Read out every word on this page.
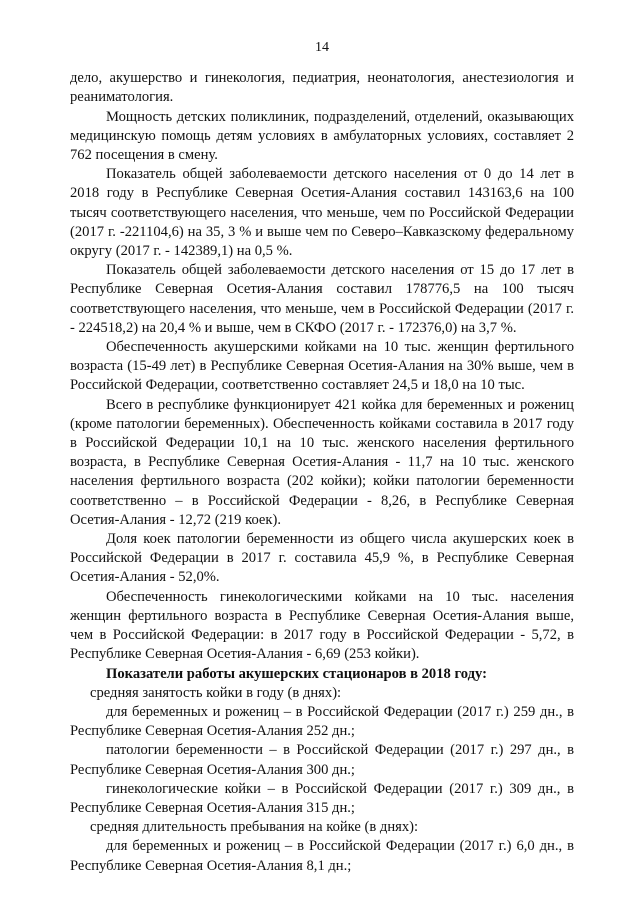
14

дело, акушерство и гинекология, педиатрия, неонатология, анестезиология и реаниматология.

Мощность детских поликлиник, подразделений, отделений, оказывающих медицинскую помощь детям условиях в амбулаторных условиях, составляет 2 762 посещения в смену.

Показатель общей заболеваемости детского населения от 0 до 14 лет в 2018 году в Республике Северная Осетия-Алания составил 143163,6 на 100 тысяч соответствующего населения, что меньше, чем по Российской Федерации (2017 г. -221104,6) на 35, 3 % и выше чем по Северо–Кавказскому федеральному округу (2017 г. - 142389,1) на 0,5 %.

Показатель общей заболеваемости детского населения от 15 до 17 лет в Республике Северная Осетия-Алания составил 178776,5 на 100 тысяч соответствующего населения, что меньше, чем в Российской Федерации (2017 г. - 224518,2) на 20,4 % и выше, чем в СКФО (2017 г. - 172376,0) на 3,7 %.

Обеспеченность акушерскими койками на 10 тыс. женщин фертильного возраста (15-49 лет) в Республике Северная Осетия-Алания на 30% выше, чем в Российской Федерации, соответственно составляет 24,5 и 18,0 на 10 тыс.

Всего в республике функционирует 421 койка для беременных и рожениц (кроме патологии беременных). Обеспеченность койками составила в 2017 году в Российской Федерации 10,1 на 10 тыс. женского населения фертильного возраста, в Республике Северная Осетия-Алания - 11,7 на 10 тыс. женского населения фертильного возраста (202 койки); койки патологии беременности соответственно – в Российской Федерации - 8,26, в Республике Северная Осетия-Алания - 12,72 (219 коек).

Доля коек патологии беременности из общего числа акушерских коек в Российской Федерации в 2017 г. составила 45,9 %, в Республике Северная Осетия-Алания - 52,0%.

Обеспеченность гинекологическими койками на 10 тыс. населения женщин фертильного возраста в Республике Северная Осетия-Алания выше, чем в Российской Федерации: в 2017 году в Российской Федерации - 5,72, в Республике Северная Осетия-Алания - 6,69 (253 койки).

Показатели работы акушерских стационаров в 2018 году:

средняя занятость койки в году (в днях):

для беременных и рожениц – в Российской Федерации (2017 г.) 259 дн., в Республике Северная Осетия-Алания 252 дн.;

патологии беременности – в Российской Федерации (2017 г.) 297 дн., в Республике Северная Осетия-Алания 300 дн.;

гинекологические койки – в Российской Федерации (2017 г.) 309 дн., в Республике Северная Осетия-Алания 315 дн.;

средняя длительность пребывания на койке (в днях):

для беременных и рожениц – в Российской Федерации (2017 г.) 6,0 дн., в Республике Северная Осетия-Алания 8,1 дн.;
